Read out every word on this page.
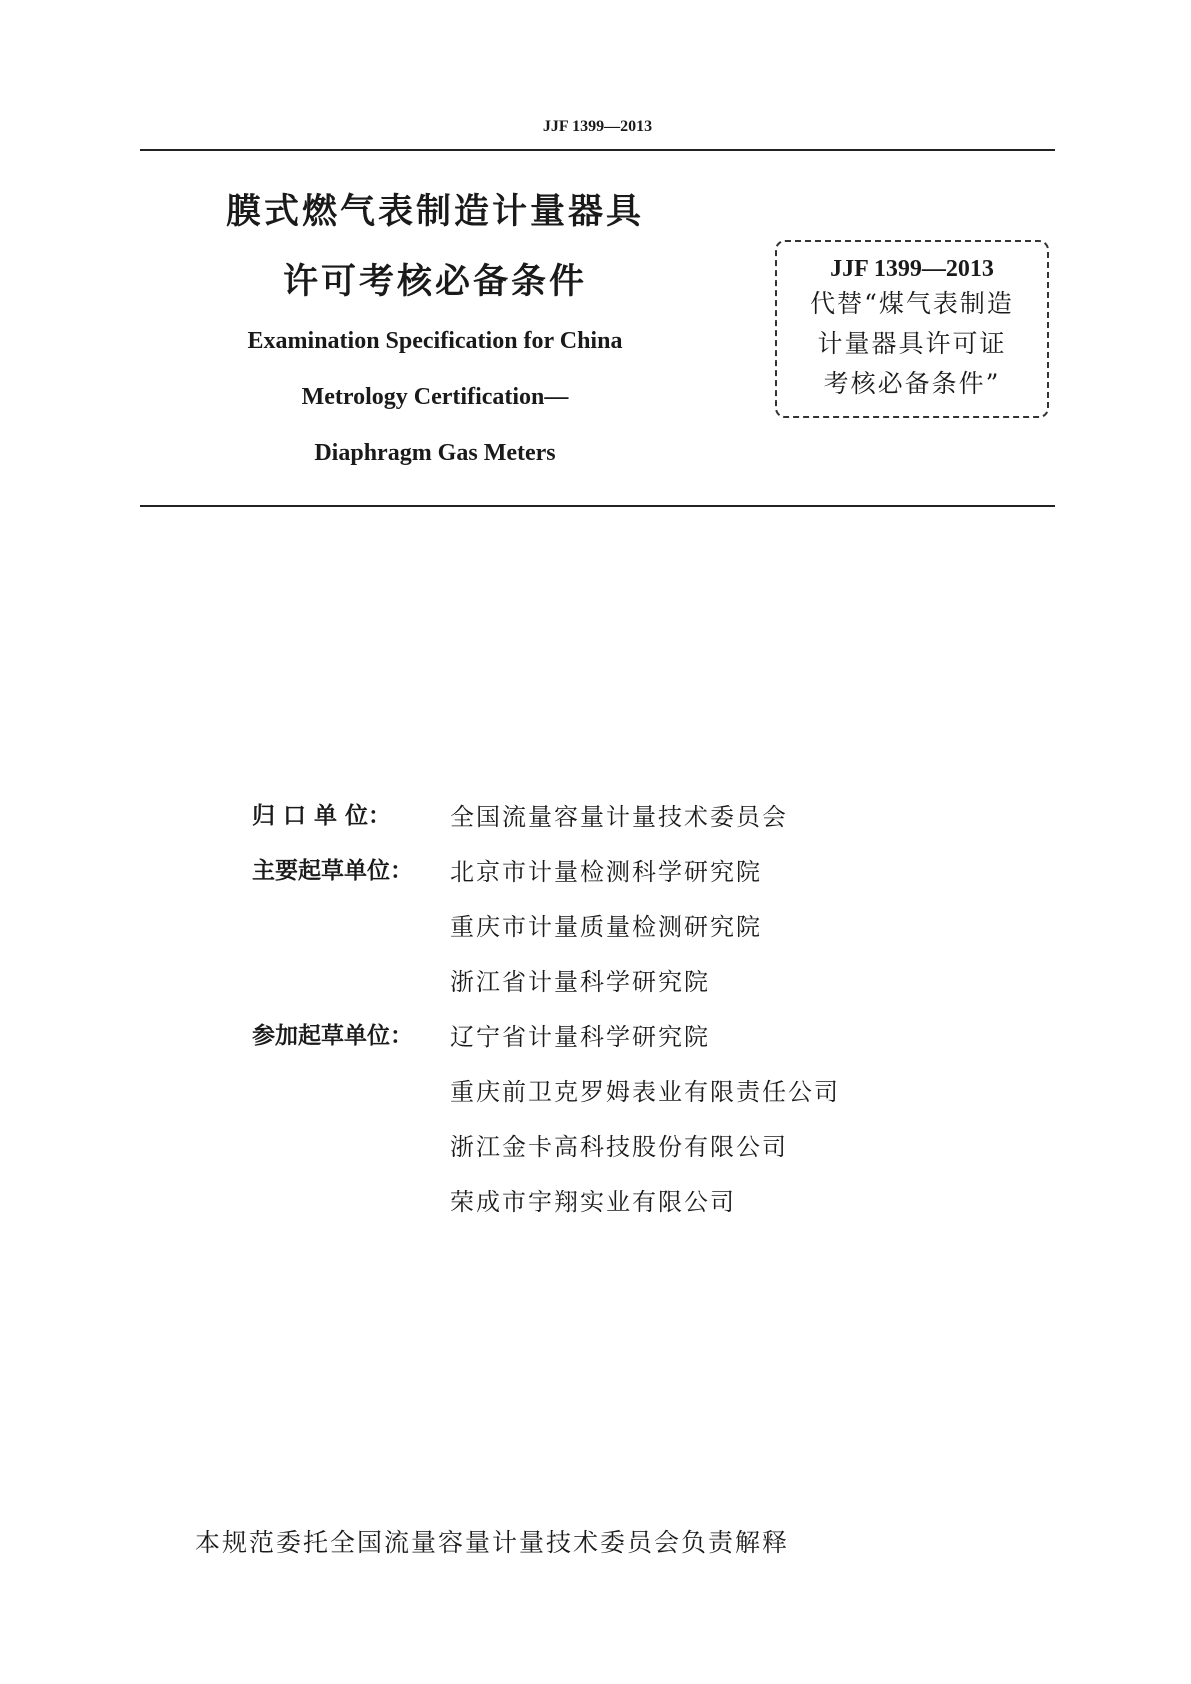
JJF 1399—2013
膜式燃气表制造计量器具
许可考核必备条件
Examination Specification for China
Metrology Certification—
Diaphragm Gas Meters
JJF 1399—2013
代替“煤气表制造
计量器具许可证
考核必备条件”
归 口 单 位：	全国流量容量计量技术委员会
主要起草单位：	北京市计量检测科学研究院
重庆市计量质量检测研究院
浙江省计量科学研究院
参加起草单位：	辽宁省计量科学研究院
重庆前卫克罗姆表业有限责任公司
浙江金卡高科技股份有限公司
荣成市宇翔实业有限公司
本规范委托全国流量容量计量技术委员会负责解释
